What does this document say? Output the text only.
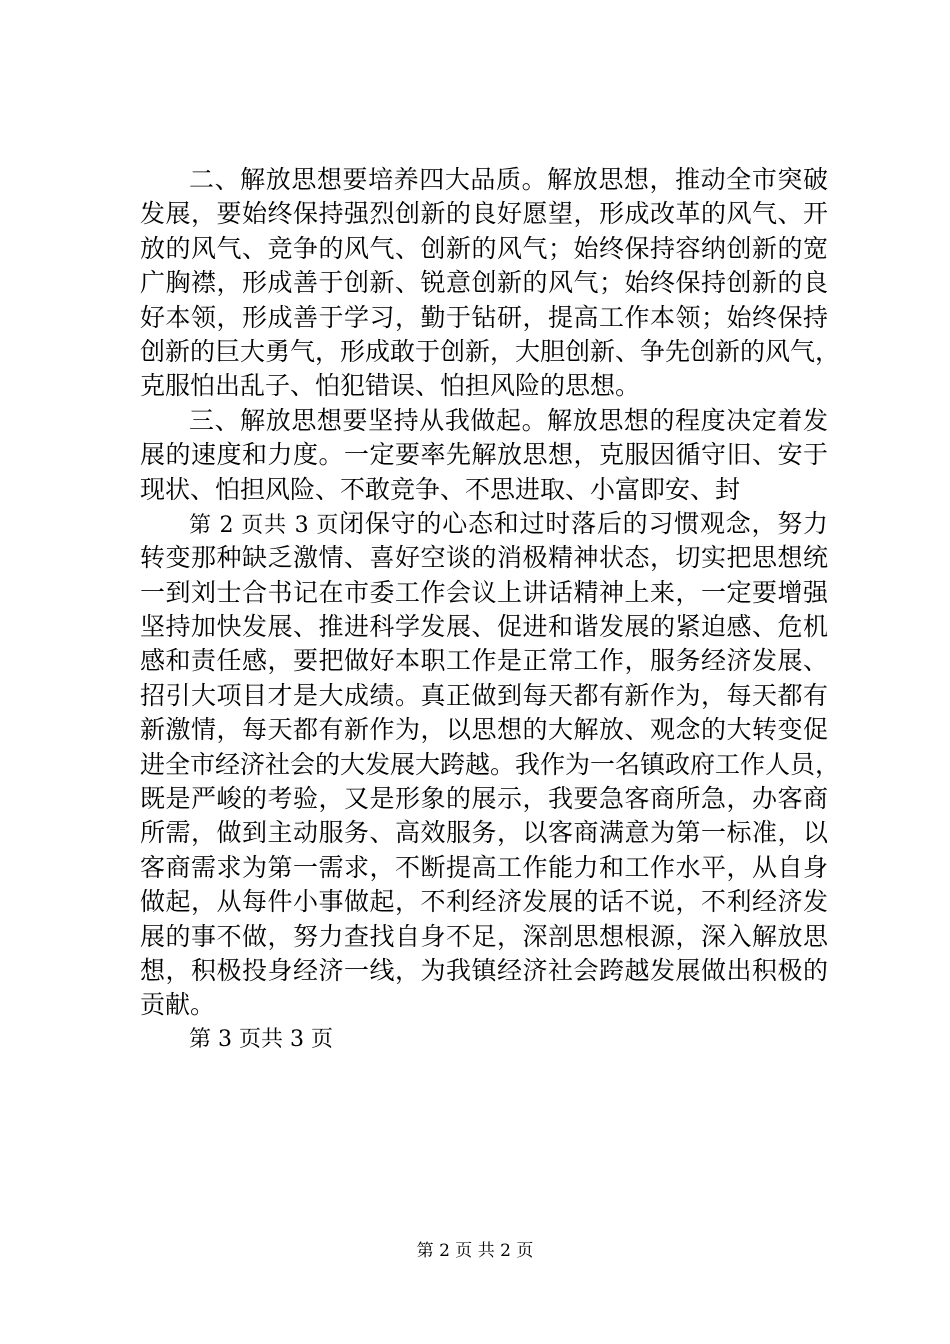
二、解放思想要培养四大品质。解放思想，推动全市突破
发展，要始终保持强烈创新的良好愿望，形成改革的风气、开
放的风气、竞争的风气、创新的风气；始终保持容纳创新的宽
广胸襟，形成善于创新、锐意创新的风气；始终保持创新的良
好本领，形成善于学习，勤于钻研，提高工作本领；始终保持
创新的巨大勇气，形成敢于创新，大胆创新、争先创新的风气，
克服怕出乱子、怕犯错误、怕担风险的思想。
三、解放思想要坚持从我做起。解放思想的程度决定着发
展的速度和力度。一定要率先解放思想，克服因循守旧、安于
现状、怕担风险、不敢竞争、不思进取、小富即安、封
第 2 页共 3 页闭保守的心态和过时落后的习惯观念，努力
转变那种缺乏激情、喜好空谈的消极精神状态，切实把思想统
一到刘士合书记在市委工作会议上讲话精神上来，一定要增强
坚持加快发展、推进科学发展、促进和谐发展的紧迫感、危机
感和责任感，要把做好本职工作是正常工作，服务经济发展、
招引大项目才是大成绩。真正做到每天都有新作为，每天都有
新激情，每天都有新作为，以思想的大解放、观念的大转变促
进全市经济社会的大发展大跨越。我作为一名镇政府工作人员，
既是严峻的考验，又是形象的展示，我要急客商所急，办客商
所需，做到主动服务、高效服务，以客商满意为第一标准，以
客商需求为第一需求，不断提高工作能力和工作水平，从自身
做起，从每件小事做起，不利经济发展的话不说，不利经济发
展的事不做，努力查找自身不足，深剖思想根源，深入解放思
想，积极投身经济一线，为我镇经济社会跨越发展做出积极的
贡献。
第 3 页共 3 页
第 2 页 共 2 页
